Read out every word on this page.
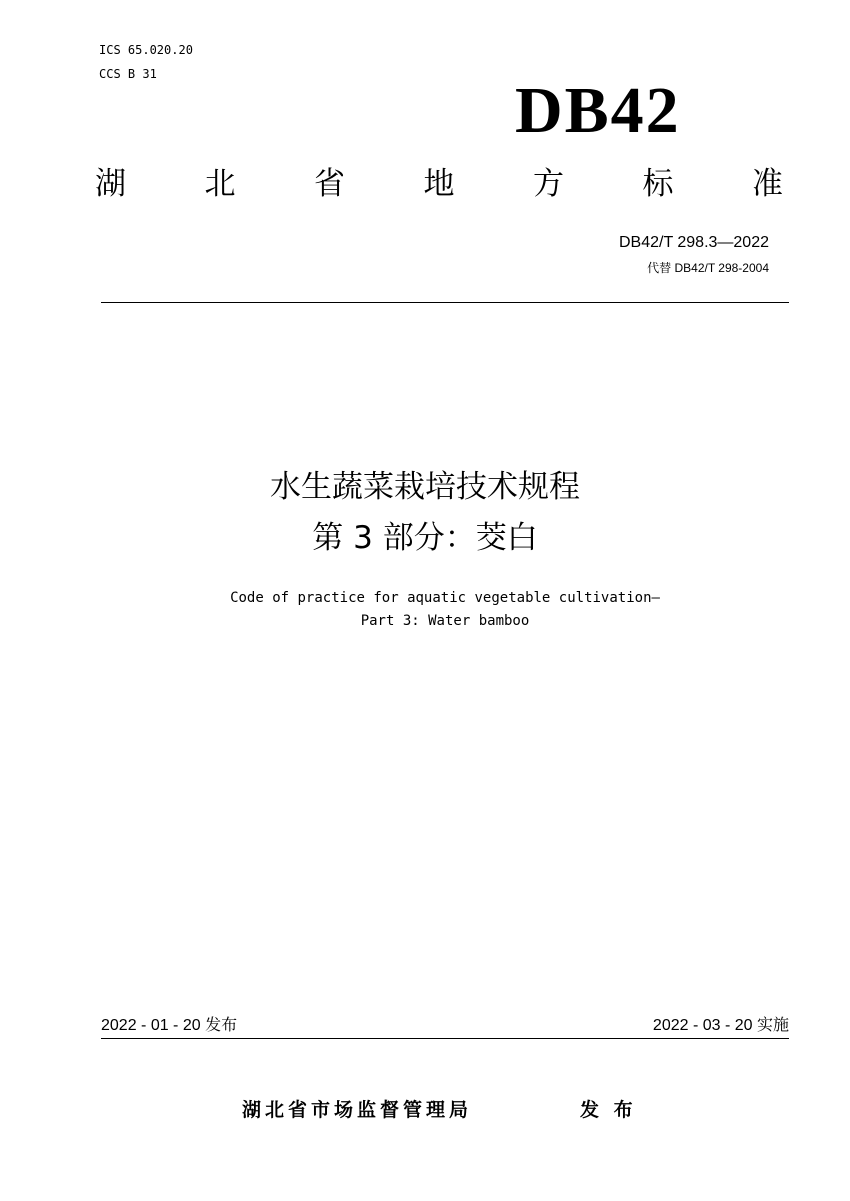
ICS 65.020.20
CCS B 31	DB42
湖	北	省	地	方	标	准
DB42/T 298.3—2022
代替 DB42/T 298-2004
水生蔬菜栽培技术规程
第 3 部分：茭白
Code of practice for aquatic vegetable cultivation—
Part 3: Water bamboo
2022 - 01 - 20 发布	2022 - 03 - 20 实施
湖北省市场监督管理局	发 布
